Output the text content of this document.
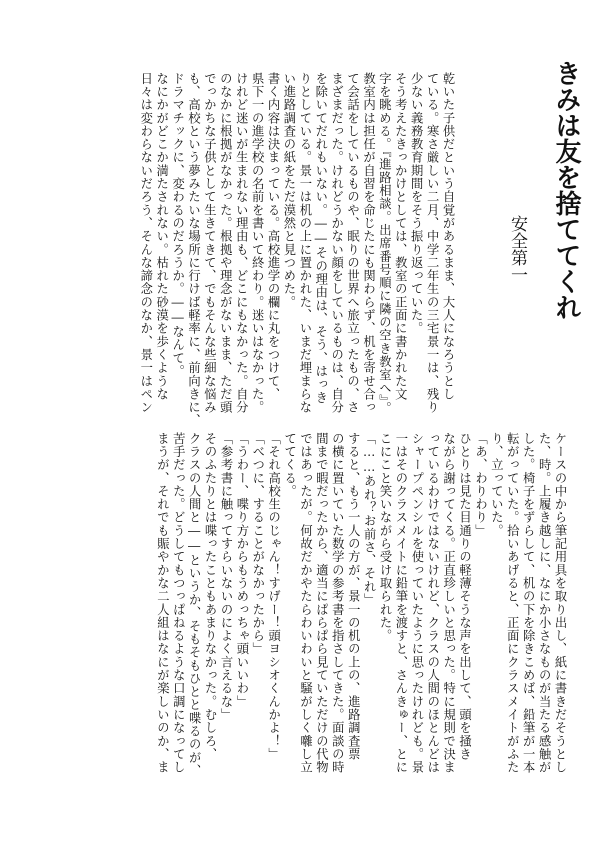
きみは友を捨ててくれ
安全第一
乾いた子供だという自覚があるまま、大人になろうとし
ている。寒さ厳しい二月、中学二年生の三宅景一は、残り
少ない義務教育期間をそう振り返っていた。
そう考えたきっかけとしては、教室の正面に書かれた文
字を眺める。『進路相談。出席番号順に隣の空き教室へ』。
教室内は担任が自習を命じたにも関わらず、机を寄せ合っ
て会話をしているものや、眠りの世界へ旅立ったもの、さ
まざまだった。けれどうかない顔をしているものは、自分
を除いてだれもいない。――その理由は、そう、はっき
りとしている。景一は机の上に置かれた、いまだ埋まらな
い進路調査の紙をただ漠然と見つめた。
書く内容は決まっている。高校進学の欄に丸をつけて、
県下一の進学校の名前を書いて終わり。迷いはなかった。
けれど迷いが生まれない理由も、どこにもなかった。自分
のなかに根拠がなかった。根拠や理念がないまま、ただ頭
でっかちな子供として生きてきて、でもそんな些細な悩み
も、高校という夢みたいな場所に行けば軽率に、前向きに、
ドラマチックに、変わるのだろうか。――なんて。
なにかがどこか満たされない。枯れた砂漠を歩くような
日々は変わらないだろう、そんな諦念のなか、景一はペン
ケースの中から筆記用具を取り出し、紙に書きだそうとし
た、時。上履き越しに、なにか小さなものが当たる感触が
した。椅子をずらして、机の下を除きこめば、鉛筆が一本
転がっていた。拾いあげると、正面にクラスメイトがふた
り、立っていた。
「あ、わりわり」
ひとりは見た目通りの軽薄そうな声を出して、頭を掻き
ながら謝ってくる。正直珍しいと思った。特に規則で決ま
っているわけではないけれど、クラスの人間のほとんどは
シャープペンシルを使っていたように思ったけれども。景
一はそのクラスメイトに鉛筆を渡すと、さんきゅー、とに
こにこと笑いながら受け取られた。
「……あれ？お前さ、それ」
すると、もう一人の方が、景一の机の上の、進路調査票
の横に置いていた数学の参考書を指さしてきた。面談の時
間まで暇だったから、適当にぱらぱら見ていただけの代物
ではあったが。何故だかやたらわいわいと騒がしく囃し立
ててくる。
「それ高校生のじゃん！すげー！頭ヨシオくんかよ！」
「べつに、することがなかったから」
「うわー、喋り方からもうめっちゃ頭いいわ」
「参考書に触ってすらいないのによく言えるな」
そのふたりとは喋ったこともあまりなかった。むしろ、
クラスの人間と――というか、そもそもひとと喋るのが、
苦手だった。どうしてもつっぱねるような口調になってし
まうが、それでも賑やかな二人組はなにが楽しいのか、ま
